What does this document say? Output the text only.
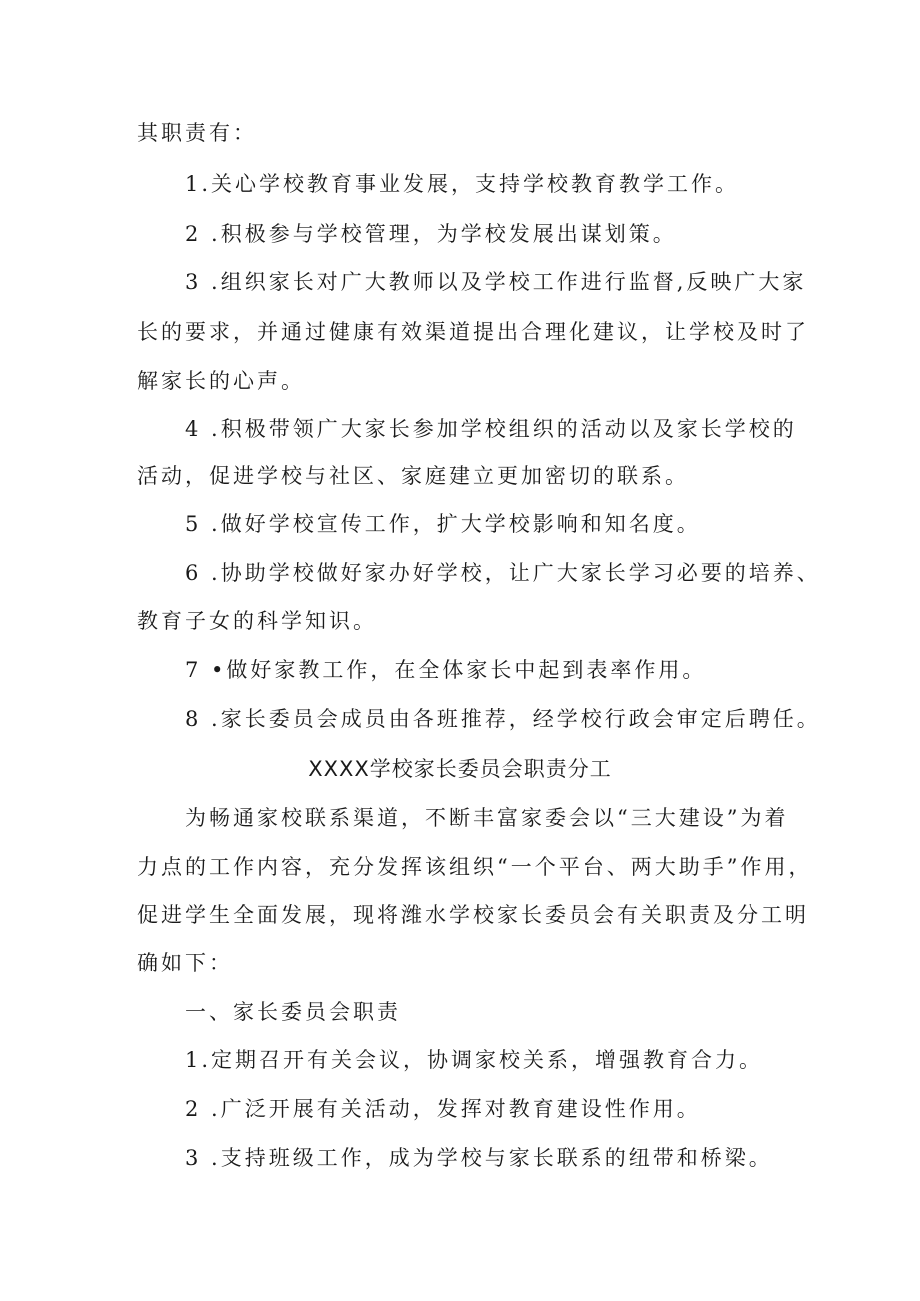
其职责有：
1.关心学校教育事业发展，支持学校教育教学工作。
2 .积极参与学校管理，为学校发展出谋划策。
3 .组织家长对广大教师以及学校工作进行监督,反映广大家
长的要求，并通过健康有效渠道提出合理化建议，让学校及时了
解家长的心声。
4 .积极带领广大家长参加学校组织的活动以及家长学校的
活动，促进学校与社区、家庭建立更加密切的联系。
5 .做好学校宣传工作，扩大学校影响和知名度。
6 .协助学校做好家办好学校，让广大家长学习必要的培养、
教育子女的科学知识。
7 •做好家教工作，在全体家长中起到表率作用。
8 .家长委员会成员由各班推荐，经学校行政会审定后聘任。
XXXX学校家长委员会职责分工
为畅通家校联系渠道，不断丰富家委会以“三大建设”为着
力点的工作内容，充分发挥该组织“一个平台、两大助手”作用，
促进学生全面发展，现将潍水学校家长委员会有关职责及分工明
确如下：
一、家长委员会职责
1.定期召开有关会议，协调家校关系，增强教育合力。
2 .广泛开展有关活动，发挥对教育建设性作用。
3 .支持班级工作，成为学校与家长联系的纽带和桥梁。
